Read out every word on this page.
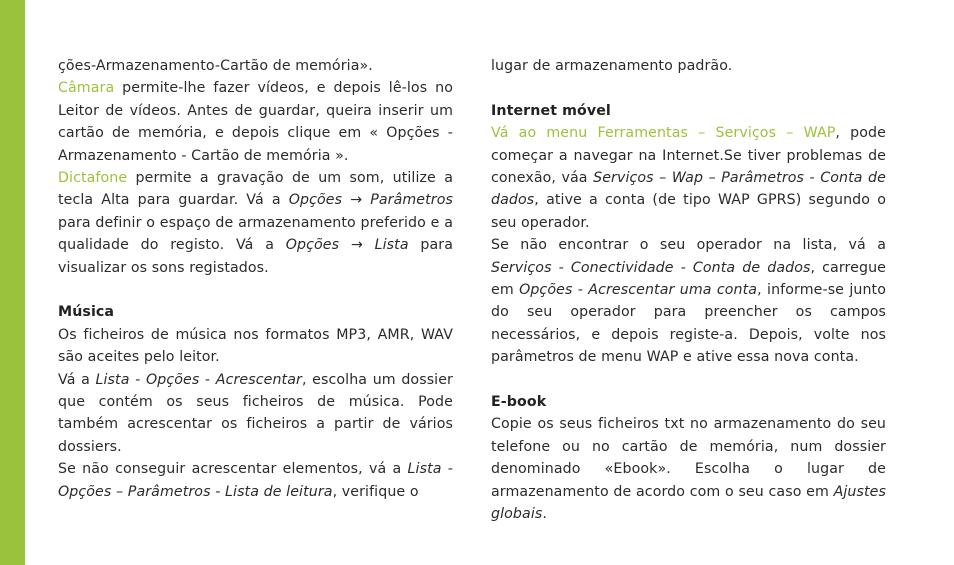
ções-Armazenamento-Cartão de memória».

Câmara permite-lhe fazer vídeos, e depois lê-los no Leitor de vídeos. Antes de guardar, queira inserir um cartão de memória, e depois clique em « Opções - Armazenamento - Cartão de memória ».

Dictafone permite a gravação de um som, utilize a tecla Alta para guardar. Vá a Opções → Parâmetros para definir o espaço de armazenamento preferido e a qualidade do registo. Vá a Opções → Lista para visualizar os sons registados.

Música

Os ficheiros de música nos formatos MP3, AMR, WAV são aceites pelo leitor.

Vá a Lista - Opções - Acrescentar, escolha um dossier que contém os seus ficheiros de música. Pode também acrescentar os ficheiros a partir de vários dossiers.

Se não conseguir acrescentar elementos, vá a Lista - Opções – Parâmetros - Lista de leitura, verifique o

lugar de armazenamento padrão.

Internet móvel

Vá ao menu Ferramentas – Serviços – WAP, pode começar a navegar na Internet.Se tiver problemas de conexão, váa Serviços – Wap – Parâmetros - Conta de dados, ative a conta (de tipo WAP GPRS) segundo o seu operador.

Se não encontrar o seu operador na lista, vá a Serviços - Conectividade - Conta de dados, carregue em Opções - Acrescentar uma conta, informe-se junto do seu operador para preencher os campos necessários, e depois registe-a. Depois, volte nos parâmetros de menu WAP e ative essa nova conta.

E-book

Copie os seus ficheiros txt no armazenamento do seu telefone ou no cartão de memória, num dossier denominado «Ebook». Escolha o lugar de armazenamento de acordo com o seu caso em Ajustes globais.
